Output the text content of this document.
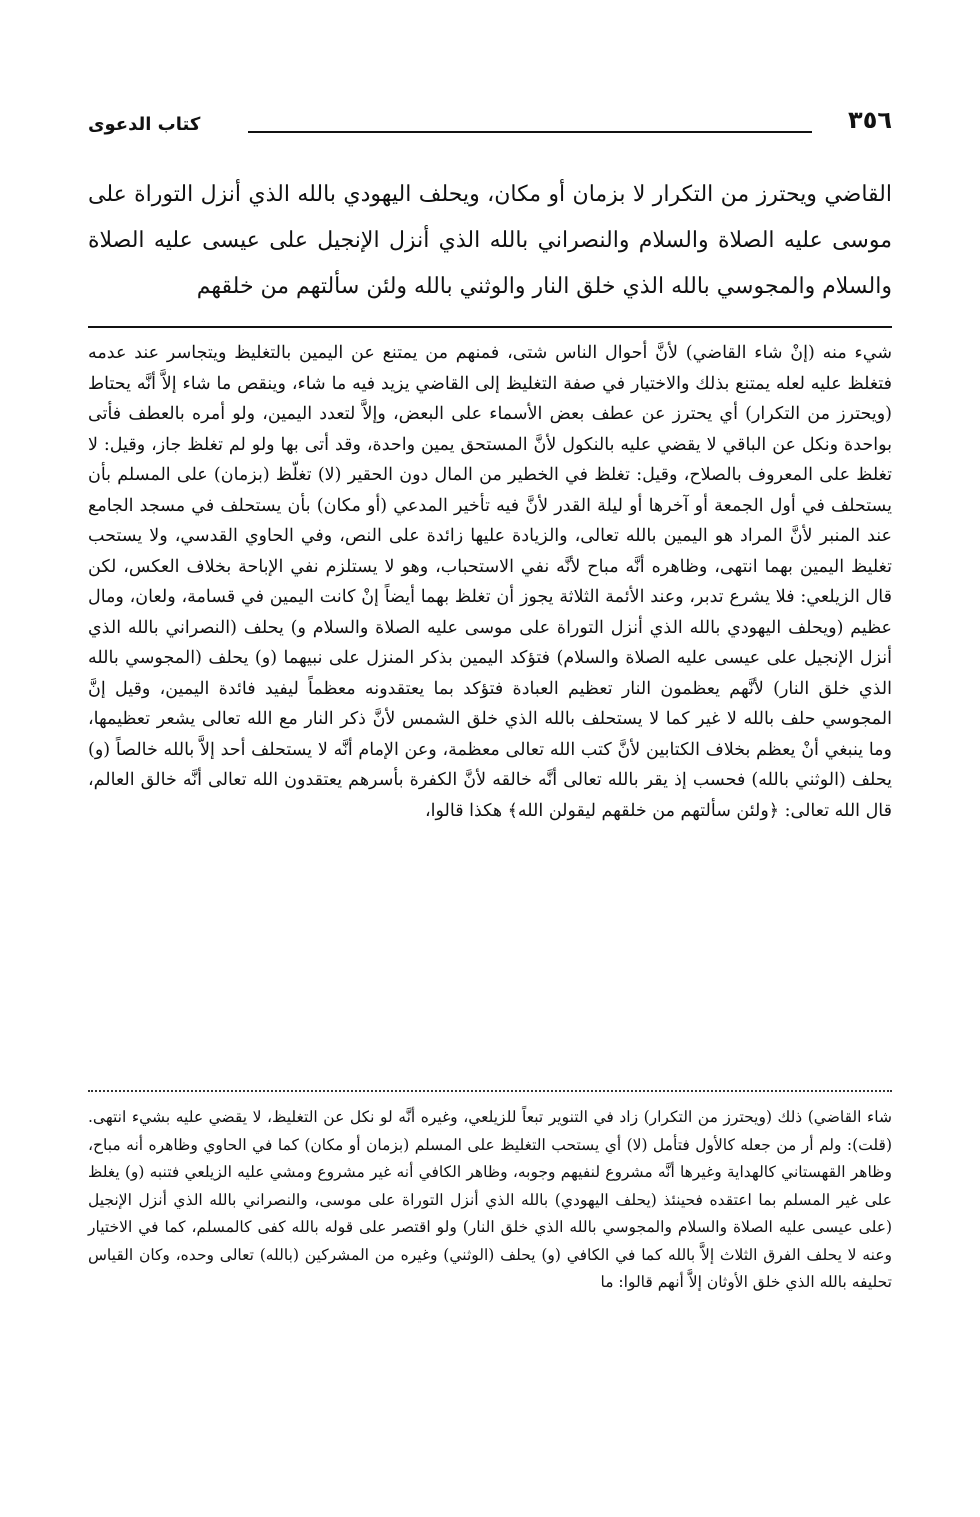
٣٥٦
كتاب الدعوى

القاضي ويحترز من التكرار لا بزمان أو مكان، ويحلف اليهودي بالله الذي أنزل التوراة على موسى عليه الصلاة والسلام والنصراني بالله الذي أنزل الإنجيل على عيسى عليه الصلاة والسلام والمجوسي بالله الذي خلق النار والوثني بالله ولئن سألتهم من خلقهم

شيء منه (إنْ شاء القاضي) لأنَّ أحوال الناس شتى، فمنهم من يمتنع عن اليمين بالتغليظ ويتجاسر عند عدمه فتغلظ عليه لعله يمتنع بذلك والاختيار في صفة التغليظ إلى القاضي يزيد فيه ما شاء، وينقص ما شاء إلاَّ أنَّه يحتاط (ويحترز من التكرار) أي يحترز عن عطف بعض الأسماء على البعض، وإلاَّ لتعدد اليمين، ولو أمره بالعطف فأتى بواحدة ونكل عن الباقي لا يقضي عليه بالنكول لأنَّ المستحق يمين واحدة، وقد أتى بها ولو لم تغلظ جاز، وقيل: لا تغلظ على المعروف بالصلاح، وقيل: تغلظ في الخطير من المال دون الحقير (لا) تغلّظ (بزمان) على المسلم بأن يستحلف في أول الجمعة أو آخرها أو ليلة القدر لأنَّ فيه تأخير المدعي (أو مكان) بأن يستحلف في مسجد الجامع عند المنبر لأنَّ المراد هو اليمين بالله تعالى، والزيادة عليها زائدة على النص، وفي الحاوي القدسي، ولا يستحب تغليظ اليمين بهما انتهى، وظاهره أنَّه مباح لأنَّه نفي الاستحباب، وهو لا يستلزم نفي الإباحة بخلاف العكس، لكن قال الزيلعي: فلا يشرع تدبر، وعند الأئمة الثلاثة يجوز أن تغلظ بهما أيضاً إنْ كانت اليمين في قسامة، ولعان، ومال عظيم (ويحلف اليهودي بالله الذي أنزل التوراة على موسى عليه الصلاة والسلام و) يحلف (النصراني بالله الذي أنزل الإنجيل على عيسى عليه الصلاة والسلام) فتؤكد اليمين بذكر المنزل على نبيهما (و) يحلف (المجوسي بالله الذي خلق النار) لأنَّهم يعظمون النار تعظيم العبادة فتؤكد بما يعتقدونه معظماً ليفيد فائدة اليمين، وقيل إنَّ المجوسي حلف بالله لا غير كما لا يستحلف بالله الذي خلق الشمس لأنَّ ذكر النار مع الله تعالى يشعر تعظيمها، وما ينبغي أنْ يعظم بخلاف الكتابين لأنَّ كتب الله تعالى معظمة، وعن الإمام أنَّه لا يستحلف أحد إلاَّ بالله خالصاً (و) يحلف (الوثني بالله) فحسب إذ يقر بالله تعالى أنَّه خالقه لأنَّ الكفرة بأسرهم يعتقدون الله تعالى أنَّه خالق العالم، قال الله تعالى: ﴿ولئن سألتهم من خلقهم ليقولن الله﴾ هكذا قالوا،

شاء القاضي) ذلك (ويحترز من التكرار) زاد في التنوير تبعاً للزيلعي، وغيره أنَّه لو نكل عن التغليظ، لا يقضي عليه بشيء انتهى. (قلت): ولم أر من جعله كالأول فتأمل (لا) أي يستحب التغليظ على المسلم (بزمان أو مكان) كما في الحاوي وظاهره أنه مباح، وظاهر القهستاني كالهداية وغيرها أنَّه مشروع لنفيهم وجوبه، وظاهر الكافي أنه غير مشروع ومشي عليه الزيلعي فتنبه (و) يغلظ على غير المسلم بما اعتقده فحينئذ (يحلف اليهودي) بالله الذي أنزل التوراة على موسى، والنصراني بالله الذي أنزل الإنجيل (على عيسى عليه الصلاة والسلام والمجوسي بالله الذي خلق النار) ولو اقتصر على قوله بالله كفى كالمسلم، كما في الاختيار وعنه لا يحلف الفرق الثلاث إلاَّ بالله كما في الكافي (و) يحلف (الوثني) وغيره من المشركين (بالله) تعالى وحده، وكان القياس تحليفه بالله الذي خلق الأوثان إلاَّ أنهم قالوا: ما
